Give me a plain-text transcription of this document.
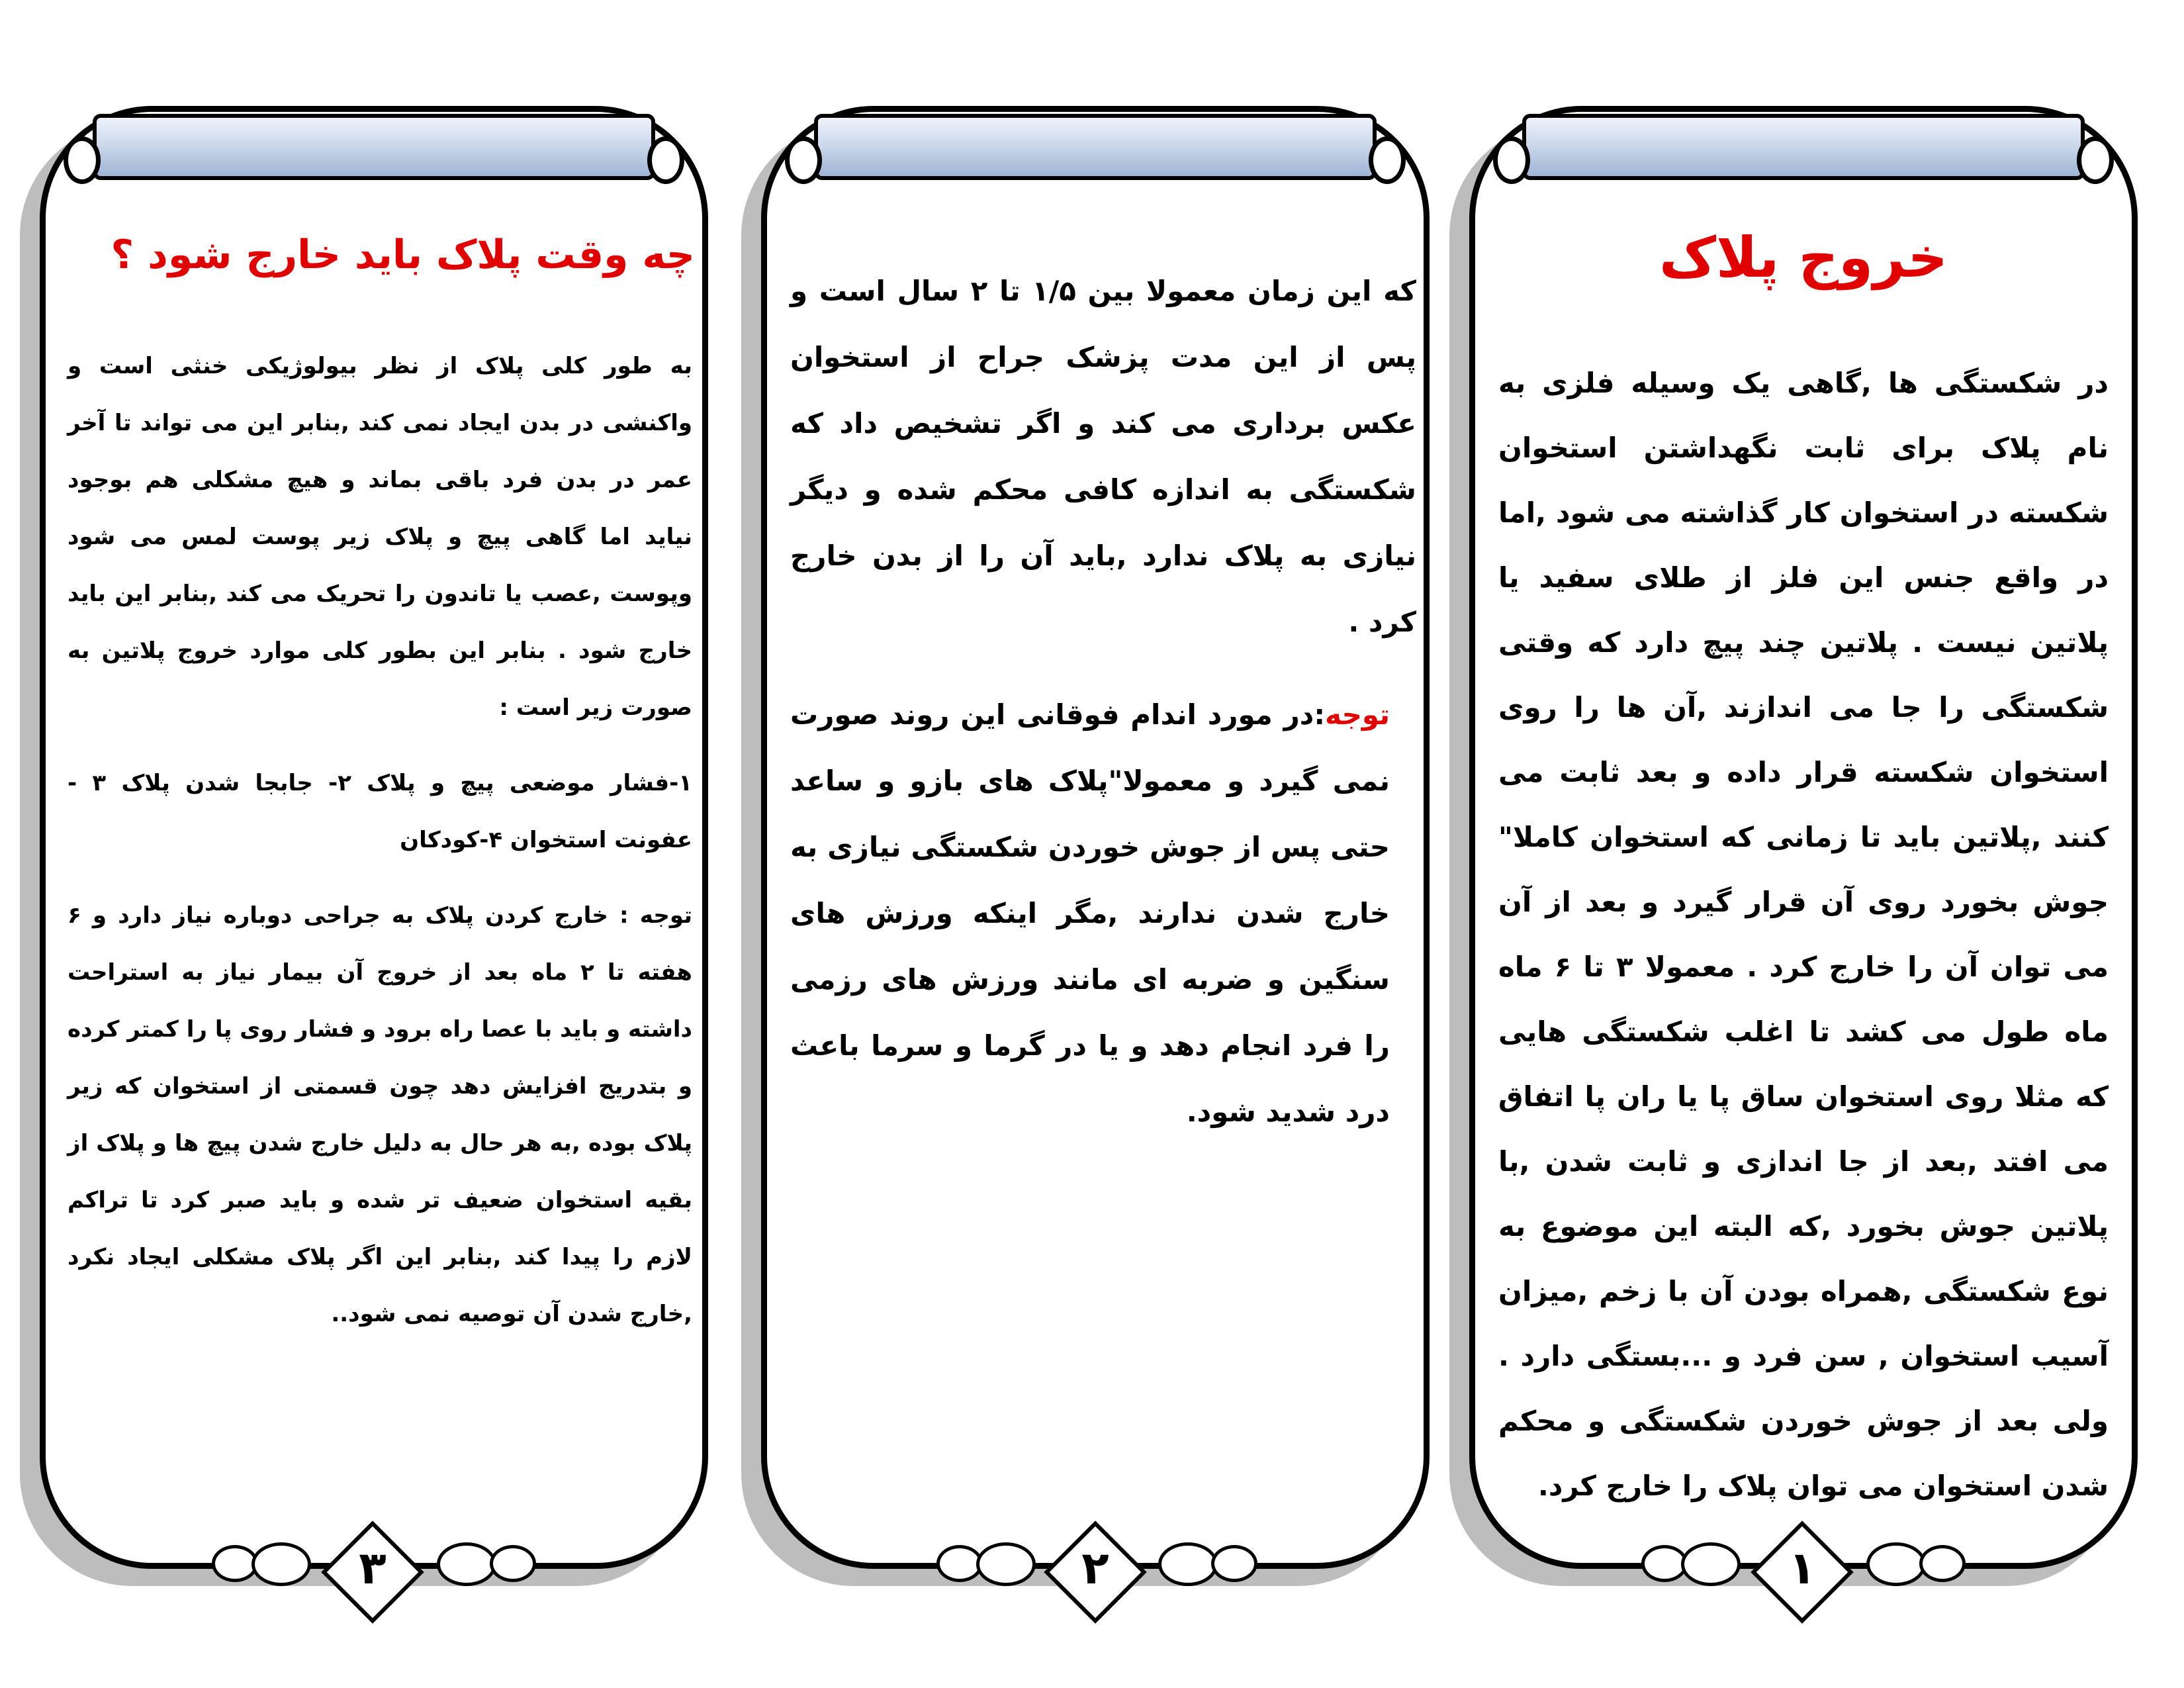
چه وقت پلاک باید خارج شود ؟

به طور کلی پلاک از نظر بیولوژیکی خنثی است و واکنشی در بدن ایجاد نمی کند ,بنابر این می تواند تا آخر عمر در بدن فرد باقی بماند و هیچ مشکلی هم بوجود نیاید اما گاهی پیچ و پلاک زیر پوست لمس می شود وپوست ,عصب یا تاندون را تحریک می کند ,بنابر این باید خارج شود . بنابر این بطور کلی موارد خروج پلاتین به صورت زیر است :

۱-فشار موضعی پیچ و پلاک ۲- جابجا شدن پلاک ۳ - عفونت استخوان ۴-کودکان

توجه : خارج کردن پلاک به جراحی دوباره نیاز دارد و ۶ هفته تا ۲ ماه بعد از خروج آن بیمار نیاز به استراحت داشته و باید با عصا راه برود و فشار روی پا را کمتر کرده و بتدریج افزایش دهد چون قسمتی از استخوان که زیر پلاک بوده ,به هر حال به دلیل خارج شدن پیچ ها و پلاک از بقیه استخوان ضعیف تر شده و باید صبر کرد تا تراکم لازم را پیدا کند ,بنابر این اگر پلاک مشکلی ایجاد نکرد ,خارج شدن آن توصیه نمی شود..

۳

که این زمان معمولا بین ۱/۵ تا ۲ سال است و پس از این مدت پزشک جراح از استخوان عکس برداری می کند و اگر تشخیص داد که شکستگی به اندازه کافی محکم شده و دیگر نیازی به پلاک ندارد ,باید آن را از بدن خارج کرد .

توجه:در مورد اندام فوقانی این روند صورت نمی گیرد و معمولا"پلاک های بازو و ساعد حتی پس از جوش خوردن شکستگی نیازی به خارج شدن ندارند ,مگر اینکه ورزش های سنگین و ضربه ای مانند ورزش های رزمی را فرد انجام دهد و یا در گرما و سرما باعث درد شدید شود.

۲
خروج پلاک

در شکستگی ها ,گاهی یک وسیله فلزی به نام پلاک برای ثابت نگهداشتن استخوان شکسته در استخوان کار گذاشته می شود ,اما در واقع جنس این فلز از طلای سفید یا پلاتین نیست . پلاتین چند پیچ دارد که وقتی شکستگی را جا می اندازند ,آن ها را روی استخوان شکسته قرار داده و بعد ثابت می کنند ,پلاتین باید تا زمانی که استخوان کاملا" جوش بخورد روی آن قرار گیرد و بعد از آن می توان آن را خارج کرد . معمولا ۳ تا ۶ ماه ماه طول می کشد تا اغلب شکستگی هایی که مثلا روی استخوان ساق پا یا ران پا اتفاق می افتد ,بعد از جا اندازی و ثابت شدن ,با پلاتین جوش بخورد ,که البته این موضوع به نوع شکستگی ,همراه بودن آن با زخم ,میزان آسیب استخوان , سن فرد و ...بستگی دارد . ولی بعد از جوش خوردن شکستگی و محکم شدن استخوان می توان پلاک را خارج کرد.

۱
